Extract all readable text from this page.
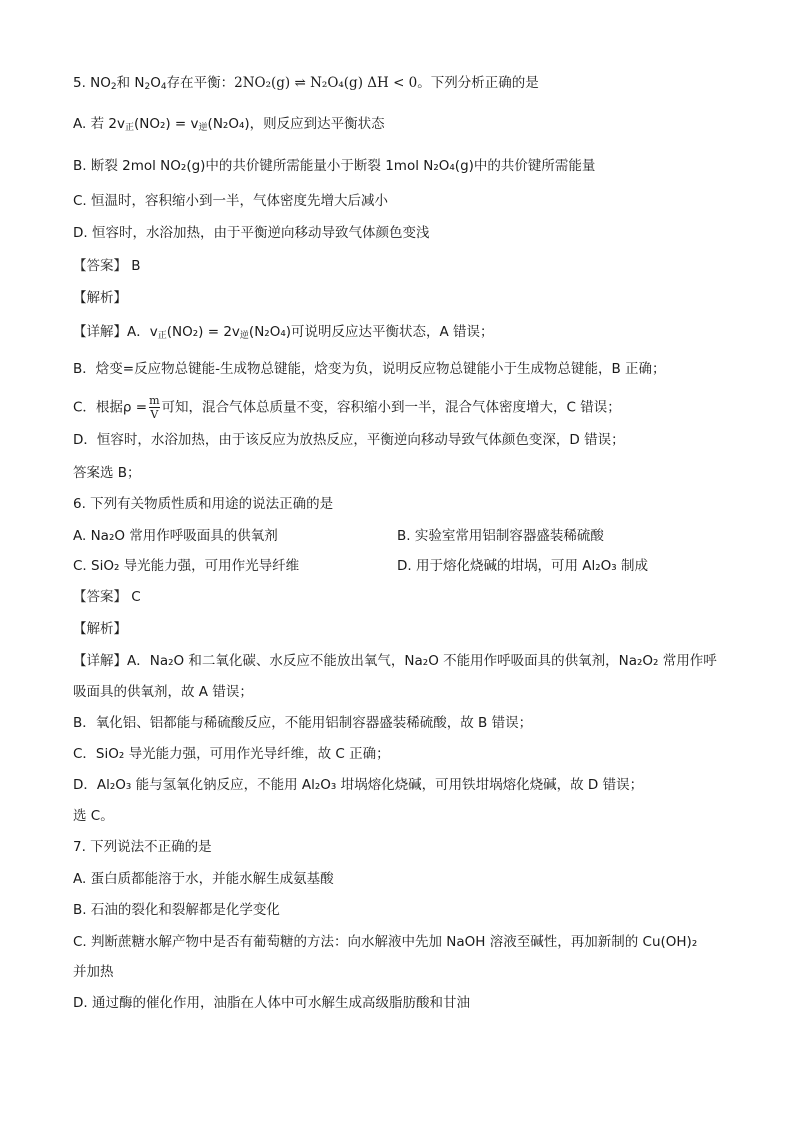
5. $NO_2$和 $N_2O_4$存在平衡：2NO₂(g) ⇌ N₂O₄(g) ΔH < 0。下列分析正确的是
A. 若 $2v_正(NO_2) = v_逆(N_2O_4)$，则反应到达平衡状态
B. 断裂 2mol NO₂(g)中的共价键所需能量小于断裂 1mol N₂O₄(g)中的共价键所需能量
C. 恒温时，容积缩小到一半，气体密度先增大后减小
D. 恒容时，水浴加热，由于平衡逆向移动导致气体颜色变浅
【答案】 B
【解析】
【详解】A．$v_正(NO_2) = 2v_逆(N_2O_4)$可说明反应达平衡状态，A 错误；
B．焓变=反应物总键能-生成物总键能，焓变为负，说明反应物总键能小于生成物总键能，B 正确；
C．根据$\rho = \frac{m}{V}$ 可知，混合气体总质量不变，容积缩小到一半，混合气体密度增大，C 错误；
D．恒容时，水浴加热，由于该反应为放热反应，平衡逆向移动导致气体颜色变深，D 错误；
答案选 B；
6. 下列有关物质性质和用途的说法正确的是
A. Na₂O 常用作呼吸面具的供氧剂	B. 实验室常用铝制容器盛装稀硫酸
C. SiO₂ 导光能力强，可用作光导纤维	D. 用于熔化烧碱的坩埚，可用 Al₂O₃ 制成
【答案】 C
【解析】
【详解】A．Na₂O 和二氧化碳、水反应不能放出氧气，Na₂O 不能用作呼吸面具的供氧剂，Na₂O₂ 常用作呼
吸面具的供氧剂，故 A 错误；
B．氧化铝、铝都能与稀硫酸反应，不能用铝制容器盛装稀硫酸，故 B 错误；
C．SiO₂ 导光能力强，可用作光导纤维，故 C 正确；
D．Al₂O₃ 能与氢氧化钠反应，不能用 Al₂O₃ 坩埚熔化烧碱，可用铁坩埚熔化烧碱，故 D 错误；
选 C。
7. 下列说法不正确的是
A. 蛋白质都能溶于水，并能水解生成氨基酸
B. 石油的裂化和裂解都是化学变化
C. 判断蔗糖水解产物中是否有葡萄糖的方法：向水解液中先加 NaOH 溶液至碱性，再加新制的 Cu(OH)₂
并加热
D. 通过酶的催化作用，油脂在人体中可水解生成高级脂肪酸和甘油
